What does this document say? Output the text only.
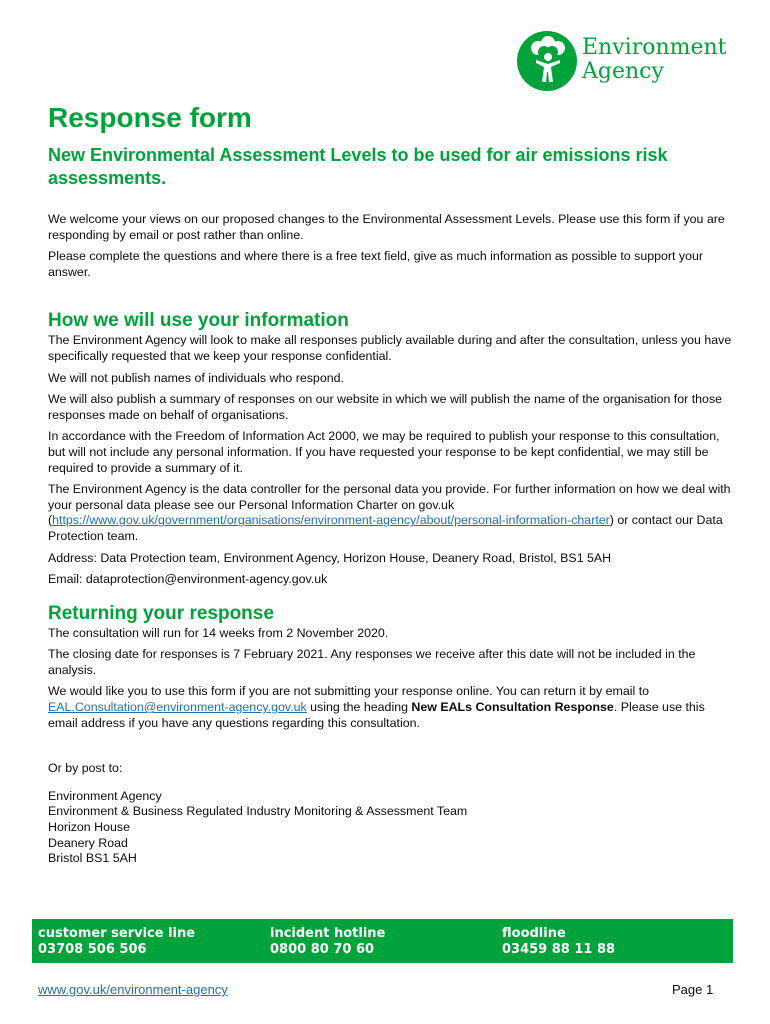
Environment
Agency
Response form
New Environmental Assessment Levels to be used for air emissions risk assessments.

We welcome your views on our proposed changes to the Environmental Assessment Levels. Please use this form if you are responding by email or post rather than online.

Please complete the questions and where there is a free text field, give as much information as possible to support your answer.

How we will use your information

The Environment Agency will look to make all responses publicly available during and after the consultation, unless you have specifically requested that we keep your response confidential.

We will not publish names of individuals who respond.

We will also publish a summary of responses on our website in which we will publish the name of the organisation for those responses made on behalf of organisations.

In accordance with the Freedom of Information Act 2000, we may be required to publish your response to this consultation, but will not include any personal information. If you have requested your response to be kept confidential, we may still be required to provide a summary of it.

The Environment Agency is the data controller for the personal data you provide. For further information on how we deal with your personal data please see our Personal Information Charter on gov.uk (https://www.gov.uk/government/organisations/environment-agency/about/personal-information-charter) or contact our Data Protection team.

Address: Data Protection team, Environment Agency, Horizon House, Deanery Road, Bristol, BS1 5AH

Email: dataprotection@environment-agency.gov.uk

Returning your response

The consultation will run for 14 weeks from 2 November 2020.

The closing date for responses is 7 February 2021. Any responses we receive after this date will not be included in the analysis.

We would like you to use this form if you are not submitting your response online. You can return it by email to EAL.Consultation@environment-agency.gov.uk using the heading New EALs Consultation Response. Please use this email address if you have any questions regarding this consultation.

Or by post to:

Environment Agency

Environment & Business Regulated Industry Monitoring & Assessment Team

Horizon House

Deanery Road

Bristol BS1 5AH

customer service line
03708 506 506
incident hotline
0800 80 70 60
floodline
03459 88 11 88
www.gov.uk/environment-agency	Page 1
